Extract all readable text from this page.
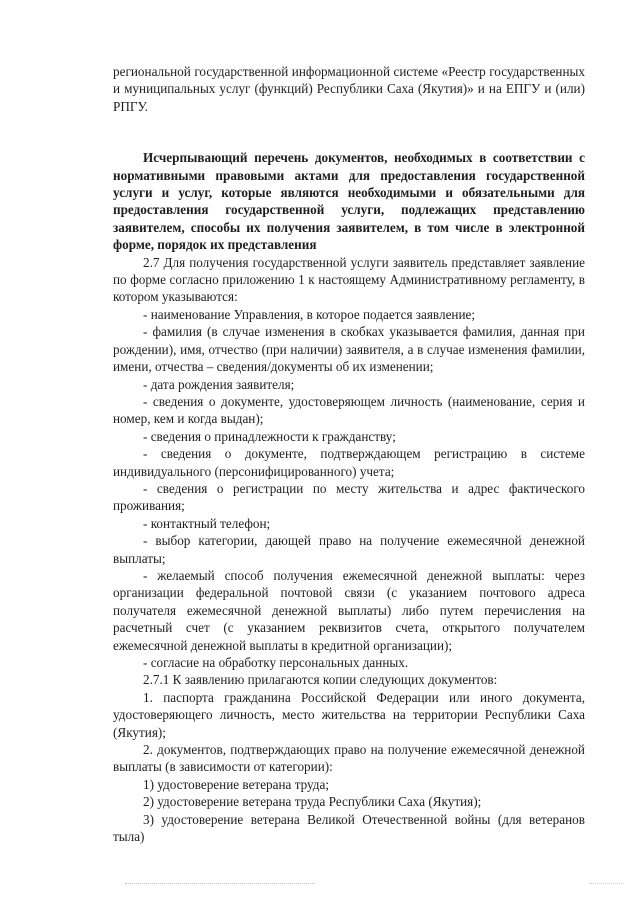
региональной государственной информационной системе «Реестр государственных и муниципальных услуг (функций) Республики Саха (Якутия)» и на ЕПГУ и (или) РПГУ.

Исчерпывающий перечень документов, необходимых в соответствии с нормативными правовыми актами для предоставления государственной услуги и услуг, которые являются необходимыми и обязательными для предоставления государственной услуги, подлежащих представлению заявителем, способы их получения заявителем, в том числе в электронной форме, порядок их представления

2.7 Для получения государственной услуги заявитель представляет заявление по форме согласно приложению 1 к настоящему Административному регламенту, в котором указываются:

- наименование Управления, в которое подается заявление;

- фамилия (в случае изменения в скобках указывается фамилия, данная при рождении), имя, отчество (при наличии) заявителя, а в случае изменения фамилии, имени, отчества – сведения/документы об их изменении;

- дата рождения заявителя;

- сведения о документе, удостоверяющем личность (наименование, серия и номер, кем и когда выдан);

- сведения о принадлежности к гражданству;

- сведения о документе, подтверждающем регистрацию в системе индивидуального (персонифицированного) учета;

- сведения о регистрации по месту жительства и адрес фактического проживания;

- контактный телефон;

- выбор категории, дающей право на получение ежемесячной денежной выплаты;

- желаемый способ получения ежемесячной денежной выплаты: через организации федеральной почтовой связи (с указанием почтового адреса получателя ежемесячной денежной выплаты) либо путем перечисления на расчетный счет (с указанием реквизитов счета, открытого получателем ежемесячной денежной выплаты в кредитной организации);

- согласие на обработку персональных данных.

2.7.1 К заявлению прилагаются копии следующих документов:

1. паспорта гражданина Российской Федерации или иного документа, удостоверяющего личность, место жительства на территории Республики Саха (Якутия);

2. документов, подтверждающих право на получение ежемесячной денежной выплаты (в зависимости от категории):

1) удостоверение ветерана труда;

2) удостоверение ветерана труда Республики Саха (Якутия);

3) удостоверение ветерана Великой Отечественной войны (для ветеранов тыла)
